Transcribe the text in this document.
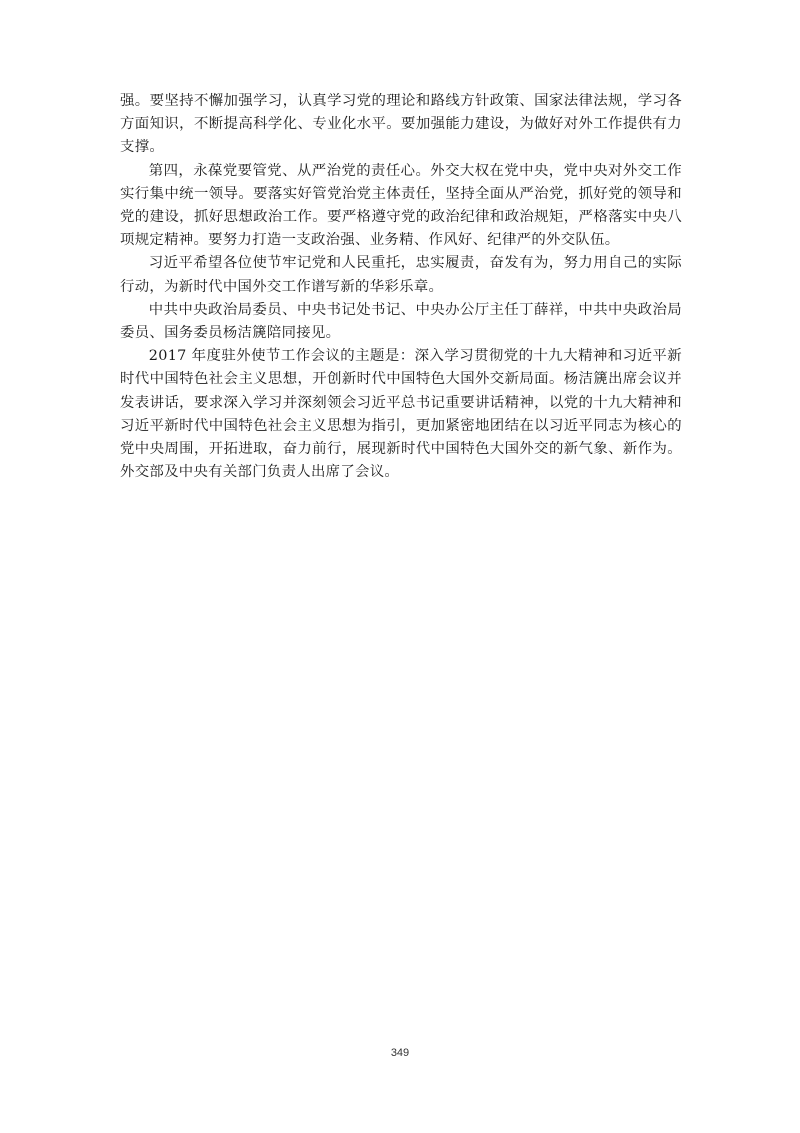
强。要坚持不懈加强学习，认真学习党的理论和路线方针政策、国家法律法规，学习各方面知识，不断提高科学化、专业化水平。要加强能力建设，为做好对外工作提供有力支撑。

第四，永葆党要管党、从严治党的责任心。外交大权在党中央，党中央对外交工作实行集中统一领导。要落实好管党治党主体责任，坚持全面从严治党，抓好党的领导和党的建设，抓好思想政治工作。要严格遵守党的政治纪律和政治规矩，严格落实中央八项规定精神。要努力打造一支政治强、业务精、作风好、纪律严的外交队伍。

习近平希望各位使节牢记党和人民重托，忠实履责，奋发有为，努力用自己的实际行动，为新时代中国外交工作谱写新的华彩乐章。

中共中央政治局委员、中央书记处书记、中央办公厅主任丁薛祥，中共中央政治局委员、国务委员杨洁篪陪同接见。

2017 年度驻外使节工作会议的主题是：深入学习贯彻党的十九大精神和习近平新时代中国特色社会主义思想，开创新时代中国特色大国外交新局面。杨洁篪出席会议并发表讲话，要求深入学习并深刻领会习近平总书记重要讲话精神，以党的十九大精神和习近平新时代中国特色社会主义思想为指引，更加紧密地团结在以习近平同志为核心的党中央周围，开拓进取，奋力前行，展现新时代中国特色大国外交的新气象、新作为。外交部及中央有关部门负责人出席了会议。

349
